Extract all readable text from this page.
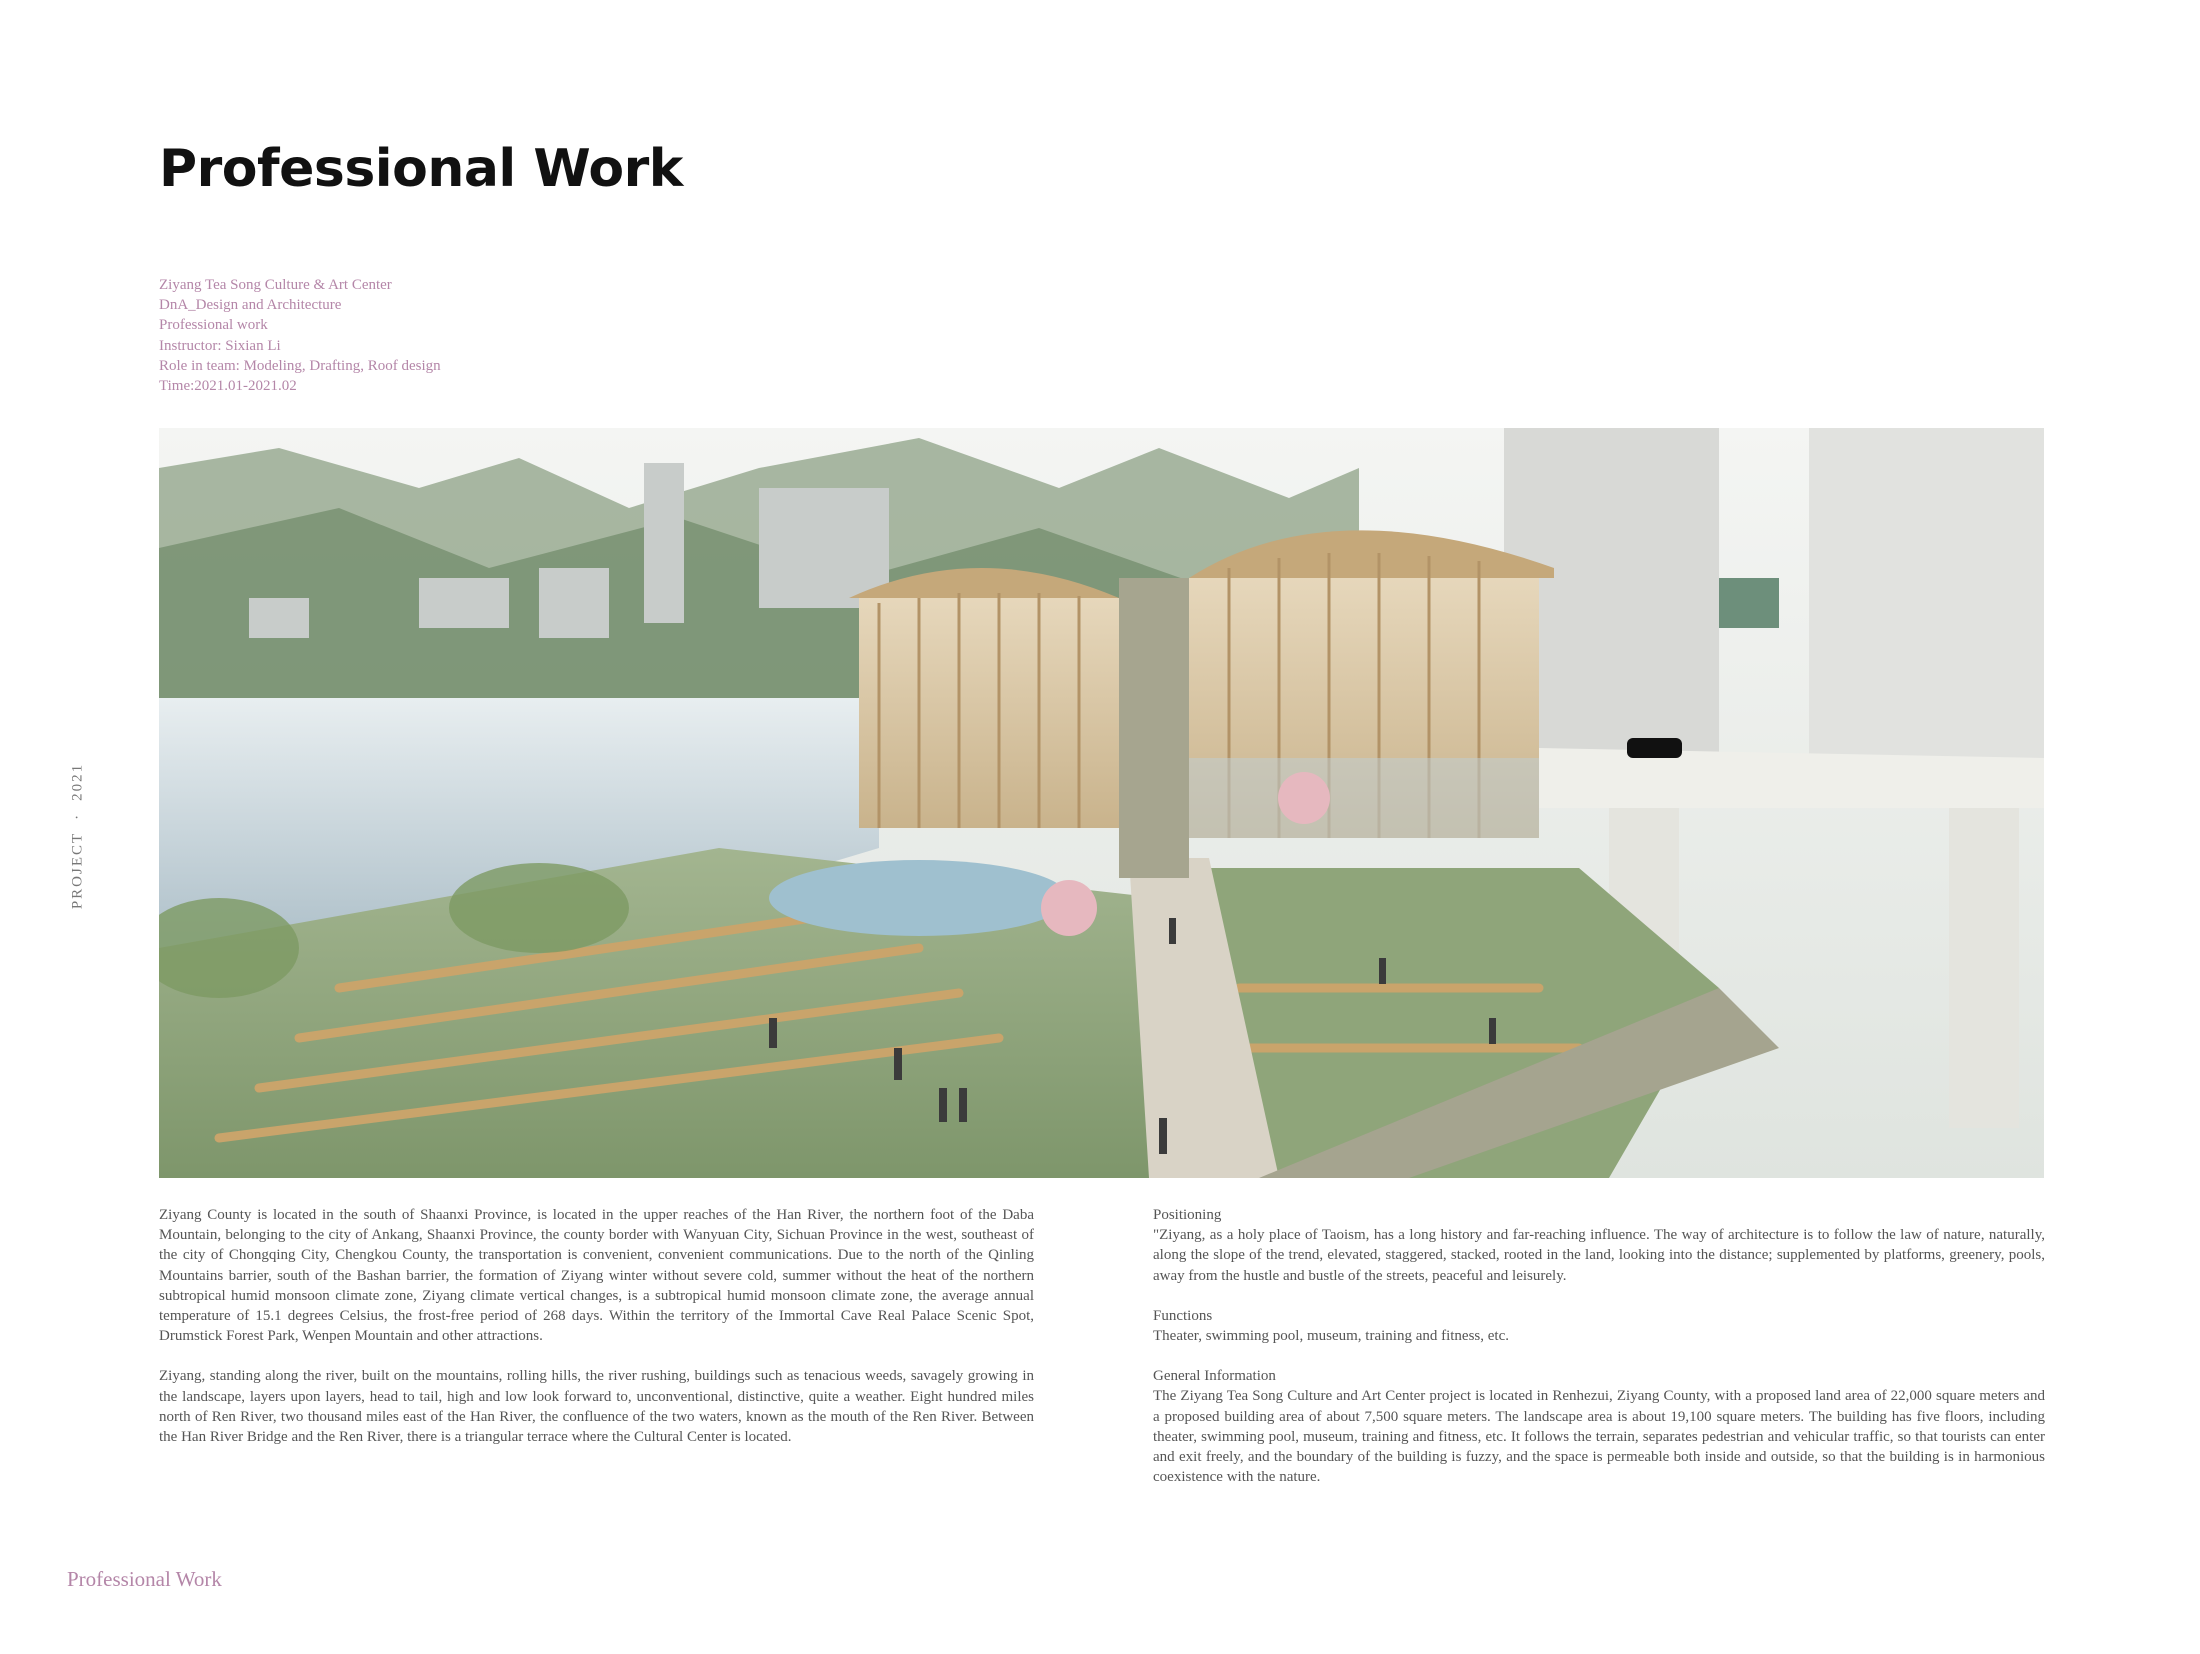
Professional Work
Ziyang Tea Song Culture & Art Center
DnA_Design and Architecture
Professional work
Instructor: Sixian Li
Role in team: Modeling, Drafting, Roof design
Time:2021.01-2021.02
PROJECT·2021

Ziyang County is located in the south of Shaanxi Province, is located in the upper reaches of the Han River, the northern foot of the Daba Mountain, belonging to the city of Ankang, Shaanxi Province, the county border with Wanyuan City, Sichuan Province in the west, southeast of the city of Chongqing City, Chengkou County, the transportation is convenient, convenient communications. Due to the north of the Qinling Mountains barrier, south of the Bashan barrier, the formation of Ziyang winter without severe cold, summer without the heat of the northern subtropical humid monsoon climate zone, Ziyang climate vertical changes, is a subtropical humid monsoon climate zone, the average annual temperature of 15.1 degrees Celsius, the frost-free period of 268 days. Within the territory of the Immortal Cave Real Palace Scenic Spot, Drumstick Forest Park, Wenpen Mountain and other attractions.

Ziyang, standing along the river, built on the mountains, rolling hills, the river rushing, buildings such as tenacious weeds, savagely growing in the landscape, layers upon layers, head to tail, high and low look forward to, unconventional, distinctive, quite a weather. Eight hundred miles north of Ren River, two thousand miles east of the Han River, the confluence of the two waters, known as the mouth of the Ren River. Between the Han River Bridge and the Ren River, there is a triangular terrace where the Cultural Center is located.

Positioning
"Ziyang, as a holy place of Taoism, has a long history and far-reaching influence. The way of architecture is to follow the law of nature, naturally, along the slope of the trend, elevated, staggered, stacked, rooted in the land, looking into the distance; supplemented by platforms, greenery, pools, away from the hustle and bustle of the streets, peaceful and leisurely.

Functions
Theater, swimming pool, museum, training and fitness, etc.

General Information
The Ziyang Tea Song Culture and Art Center project is located in Renhezui, Ziyang County, with a proposed land area of 22,000 square meters and a proposed building area of about 7,500 square meters. The landscape area is about 19,100 square meters. The building has five floors, including theater, swimming pool, museum, training and fitness, etc. It follows the terrain, separates pedestrian and vehicular traffic, so that tourists can enter and exit freely, and the boundary of the building is fuzzy, and the space is permeable both inside and outside, so that the building is in harmonious coexistence with the nature.

Professional Work
